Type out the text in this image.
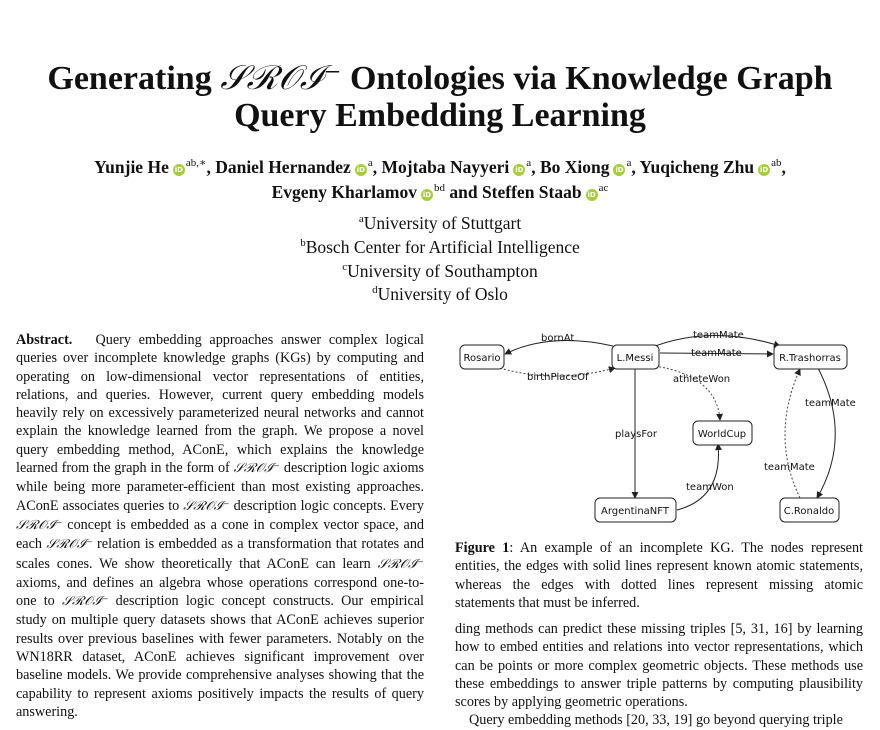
Generating 𝒮ℛ𝒪ℐ⁻ Ontologies via Knowledge Graph
Query Embedding Learning
Yunjie He $iD^{ab,∗}$, Daniel Hernandez $iD^a$, Mojtaba Nayyeri $iD^a$, Bo Xiong $iD^a$, Yuqicheng Zhu $iD^{ab}$,
Evgeny Kharlamov $iD^{bd}$ and Steffen Staab $iD^{ac}$
$^a$University of Stuttgart
$^b$Bosch Center for Artificial Intelligence
$^c$University of Southampton
$^d$University of Oslo
Abstract. Query embedding approaches answer complex logical queries over incomplete knowledge graphs (KGs) by computing and operating on low-dimensional vector representations of entities, relations, and queries. However, current query embedding models heavily rely on excessively parameterized neural networks and cannot explain the knowledge learned from the graph. We propose a novel query embedding method, AConE, which explains the knowledge learned from the graph in the form of 𝒮ℛ𝒪ℐ⁻ description logic axioms while being more parameter-efficient than most existing approaches. AConE associates queries to 𝒮ℛ𝒪ℐ⁻ description logic concepts. Every 𝒮ℛ𝒪ℐ⁻ concept is embedded as a cone in complex vector space, and each 𝒮ℛ𝒪ℐ⁻ relation is embedded as a transformation that rotates and scales cones. We show theoretically that AConE can learn 𝒮ℛ𝒪ℐ⁻ axioms, and defines an algebra whose operations correspond one-to-one to 𝒮ℛ𝒪ℐ⁻ description logic concept constructs. Our empirical study on multiple query datasets shows that AConE achieves superior results over previous baselines with fewer parameters. Notably on the WN18RR dataset, AConE achieves significant improvement over baseline models. We provide comprehensive analyses showing that the capability to represent axioms positively impacts the results of query answering.
bornAt
birthPlaceOf
teamMate
teamMate
athleteWon
playsFor
teamWon
teamMate
teamMate
Rosario	L.Messi	R.Trashorras
WorldCup
ArgentinaNFT	C.Ronaldo
Figure 1: An example of an incomplete KG. The nodes represent entities, the edges with solid lines represent known atomic statements, whereas the edges with dotted lines represent missing atomic statements that must be inferred.
ding methods can predict these missing triples [5, 31, 16] by learning how to embed entities and relations into vector representations, which can be points or more complex geometric objects. These methods use these embeddings to answer triple patterns by computing plausibility scores by applying geometric operations.
Query embedding methods [20, 33, 19] go beyond querying triple
